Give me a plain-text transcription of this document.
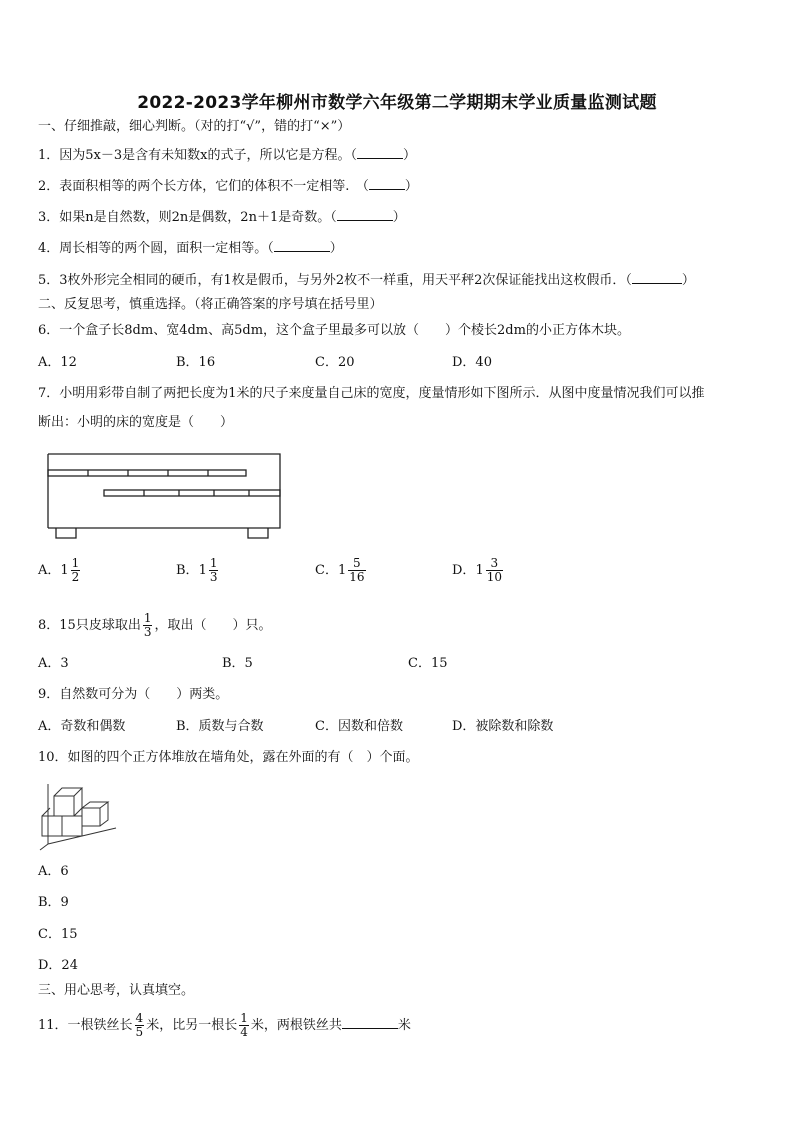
2022-2023学年柳州市数学六年级第二学期期末学业质量监测试题
一、仔细推敲，细心判断。（对的打“√”，错的打“×”）
1．因为5x－3是含有未知数x的式子，所以它是方程。（	）
2．表面积相等的两个长方体，它们的体积不一定相等.　（	）
3．如果n是自然数，则2n是偶数，2n＋1是奇数。（	）
4．周长相等的两个圆，面积一定相等。（	）
5．3枚外形完全相同的硬币，有1枚是假币，与另外2枚不一样重，用天平秤2次保证能找出这枚假币．（	）
二、反复思考，慎重选择。（将正确答案的序号填在括号里）
6．一个盒子长8dm、宽4dm、高5dm，这个盒子里最多可以放（　　）个棱长2dm的小正方体木块。
A．12	B．16	C．20	D．40
7．小明用彩带自制了两把长度为1米的尺子来度量自己床的宽度，度量情形如下图所示．从图中度量情况我们可以推
断出：小明的床的宽度是（　　）
A．$1 \frac{1}{2}$	B．$1 \frac{1}{3}$	C．$1 \frac{5}{16}$	D．$1 \frac{3}{10}$
8．15只皮球取出 $\frac{1}{3}$ ，取出（　　）只。
A．3	B．5	C．15
9．自然数可分为（　　）两类。
A．奇数和偶数	B．质数与合数	C．因数和倍数	D．被除数和除数
10．如图的四个正方体堆放在墙角处，露在外面的有（　）个面。
A．6
B．9
C．15
D．24
三、用心思考，认真填空。
11．一根铁丝长 $\frac{4}{5}$ 米，比另一根长 $\frac{1}{4}$ 米，两根铁丝共	米
